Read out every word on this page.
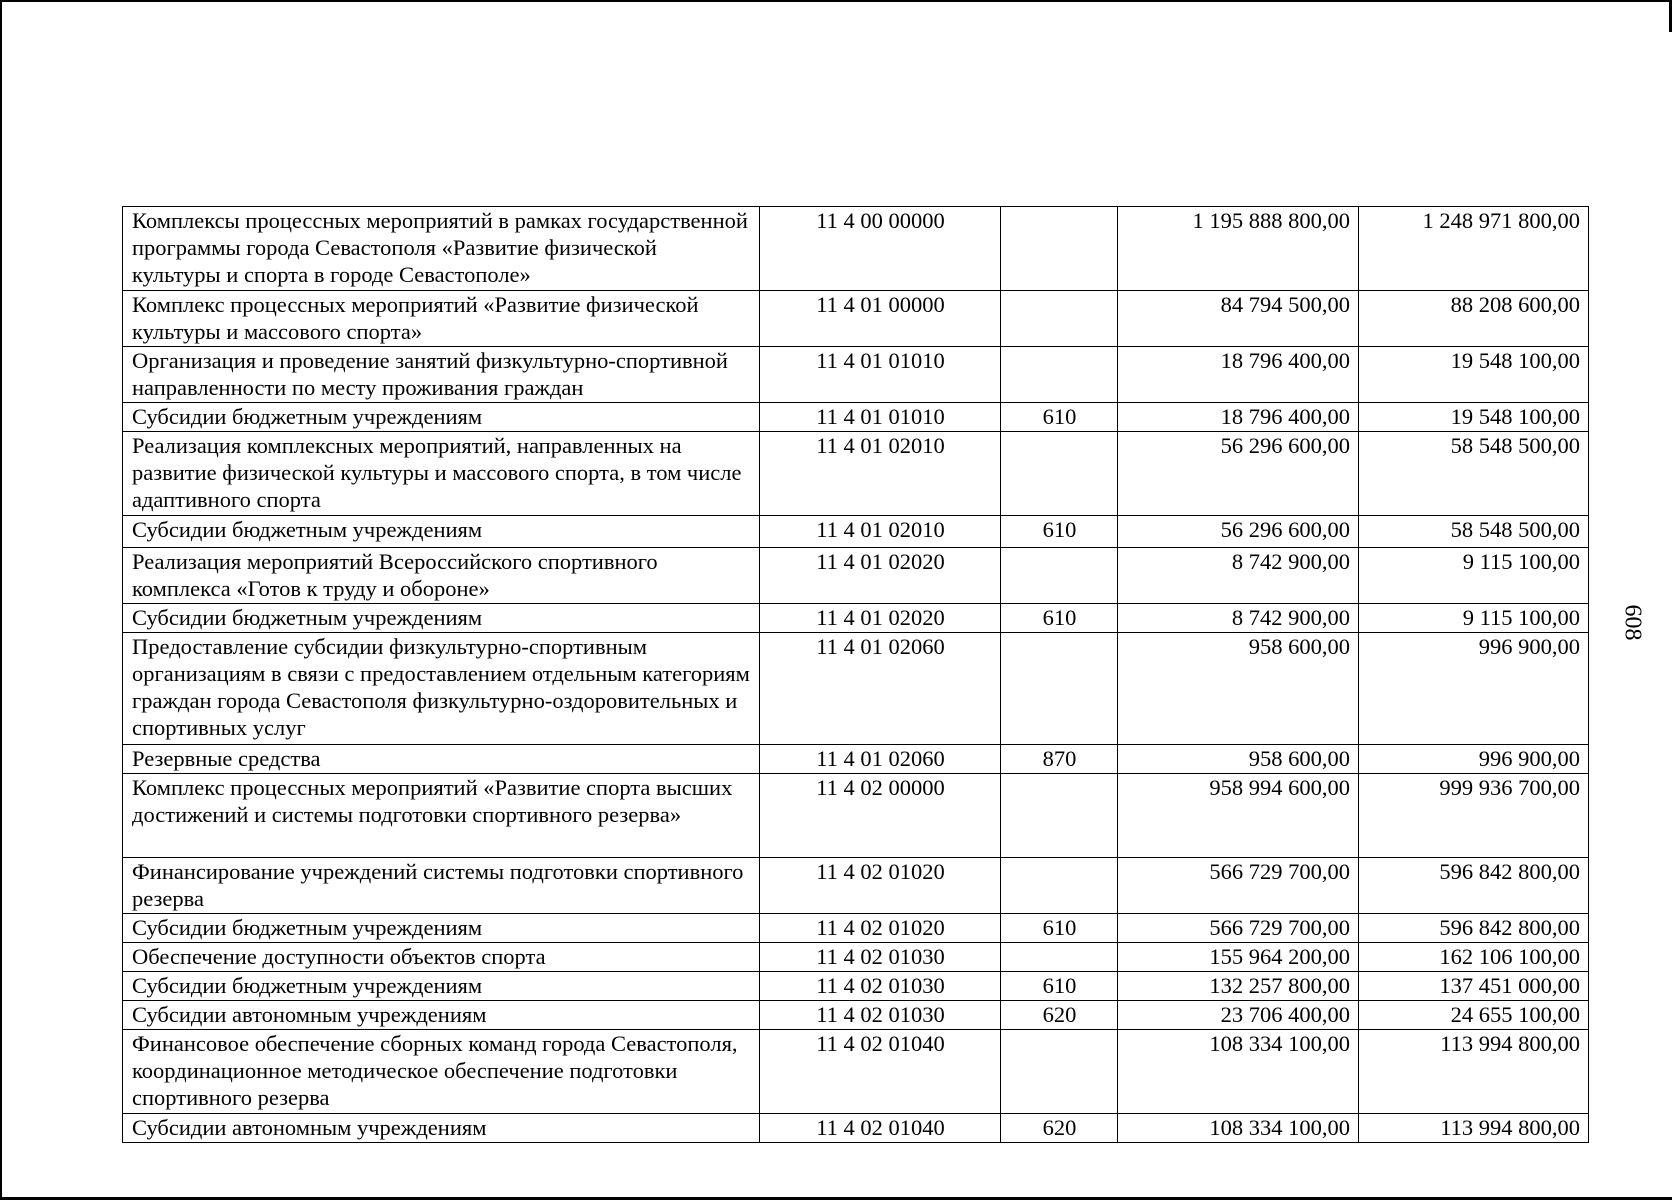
Комплексы процессных мероприятий в рамках государственной программы города Севастополя «Развитие физической культуры и спорта в городе Севастополе»	11 4 00 00000		1 195 888 800,00	1 248 971 800,00
Комплекс процессных мероприятий «Развитие физической культуры и массового спорта»	11 4 01 00000		84 794 500,00	88 208 600,00
Организация и проведение занятий физкультурно-спортивной направленности по месту проживания граждан	11 4 01 01010		18 796 400,00	19 548 100,00
Субсидии бюджетным учреждениям	11 4 01 01010	610	18 796 400,00	19 548 100,00
Реализация комплексных мероприятий, направленных на развитие физической культуры и массового спорта, в том числе адаптивного спорта	11 4 01 02010		56 296 600,00	58 548 500,00
Субсидии бюджетным учреждениям	11 4 01 02010	610	56 296 600,00	58 548 500,00
Реализация мероприятий Всероссийского спортивного комплекса «Готов к труду и обороне»	11 4 01 02020		8 742 900,00	9 115 100,00
Субсидии бюджетным учреждениям	11 4 01 02020	610	8 742 900,00	9 115 100,00
Предоставление субсидии физкультурно-спортивным организациям в связи с предоставлением отдельным категориям граждан города Севастополя физкультурно-оздоровительных и спортивных услуг	11 4 01 02060		958 600,00	996 900,00
Резервные средства	11 4 01 02060	870	958 600,00	996 900,00
Комплекс процессных мероприятий «Развитие спорта высших достижений и системы подготовки спортивного резерва»	11 4 02 00000		958 994 600,00	999 936 700,00
Финансирование учреждений системы подготовки спортивного резерва	11 4 02 01020		566 729 700,00	596 842 800,00
Субсидии бюджетным учреждениям	11 4 02 01020	610	566 729 700,00	596 842 800,00
Обеспечение доступности объектов спорта	11 4 02 01030		155 964 200,00	162 106 100,00
Субсидии бюджетным учреждениям	11 4 02 01030	610	132 257 800,00	137 451 000,00
Субсидии автономным учреждениям	11 4 02 01030	620	23 706 400,00	24 655 100,00
Финансовое обеспечение сборных команд города Севастополя, координационное методическое обеспечение подготовки спортивного резерва	11 4 02 01040		108 334 100,00	113 994 800,00
Субсидии автономным учреждениям	11 4 02 01040	620	108 334 100,00	113 994 800,00
608
